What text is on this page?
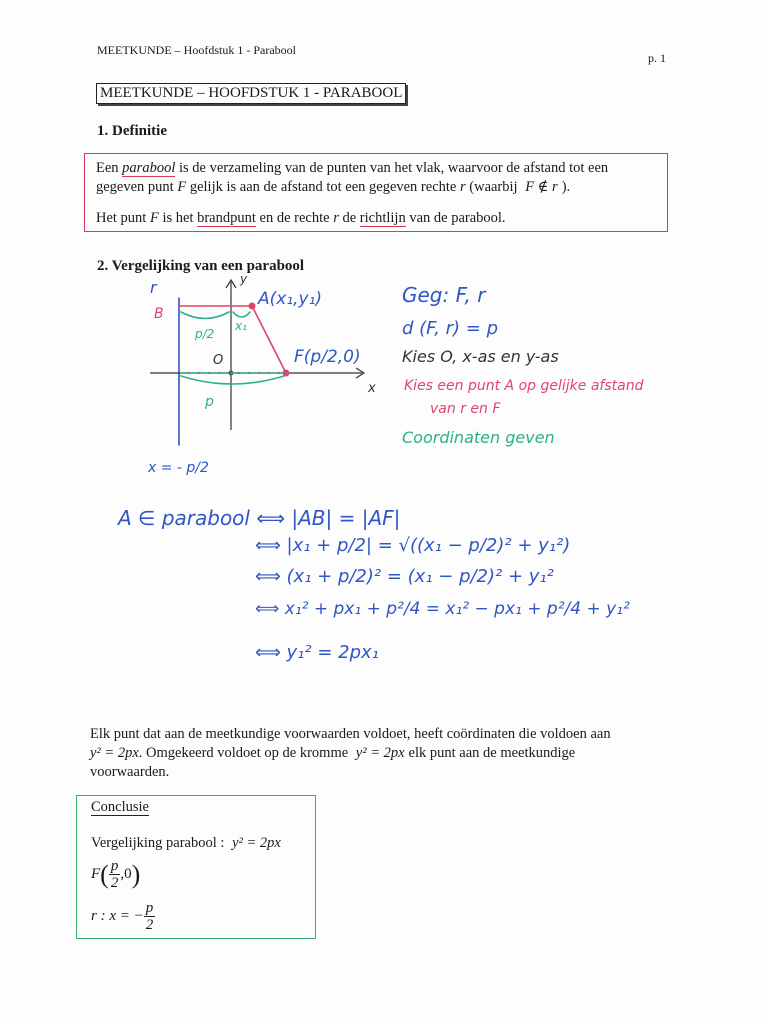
MEETKUNDE – Hoofdstuk 1 - Parabool
p. 1
MEETKUNDE – HOOFDSTUK 1 - PARABOOL
1. Definitie
Een parabool is de verzameling van de punten van het vlak, waarvoor de afstand tot een
gegeven punt F gelijk is aan de afstand tot een gegeven rechte r (waarbij F ∉ r ).
Het punt F is het brandpunt en de rechte r de richtlijn van de parabool.
2. Vergelijking van een parabool
r	y
x
B
A(x₁,y₁)
F(p/2,0)
O
p/2
x₁
p
x = - p/2
Geg: F, r
d (F, r) = p
Kies O, x-as en y-as
Kies een punt A op gelijke afstand
van r en F
Coordinaten geven
A ∈ parabool ⟺ |AB| = |AF|
⟺ |x₁ + p/2| = √((x₁ − p/2)² + y₁²)
⟺ (x₁ + p/2)² = (x₁ − p/2)² + y₁²
⟺ x₁² + px₁ + p²/4 = x₁² − px₁ + p²/4 + y₁²
⟺ y₁² = 2px₁
Elk punt dat aan de meetkundige voorwaarden voldoet, heeft coördinaten die voldoen aan
y² = 2px. Omgekeerd voldoet op de kromme y² = 2px elk punt aan de meetkundige
voorwaarden.
Conclusie
Vergelijking parabool : y² = 2px
$F( \frac{p}{2} ,0)$
r : x = − $\frac{p}{2}$
